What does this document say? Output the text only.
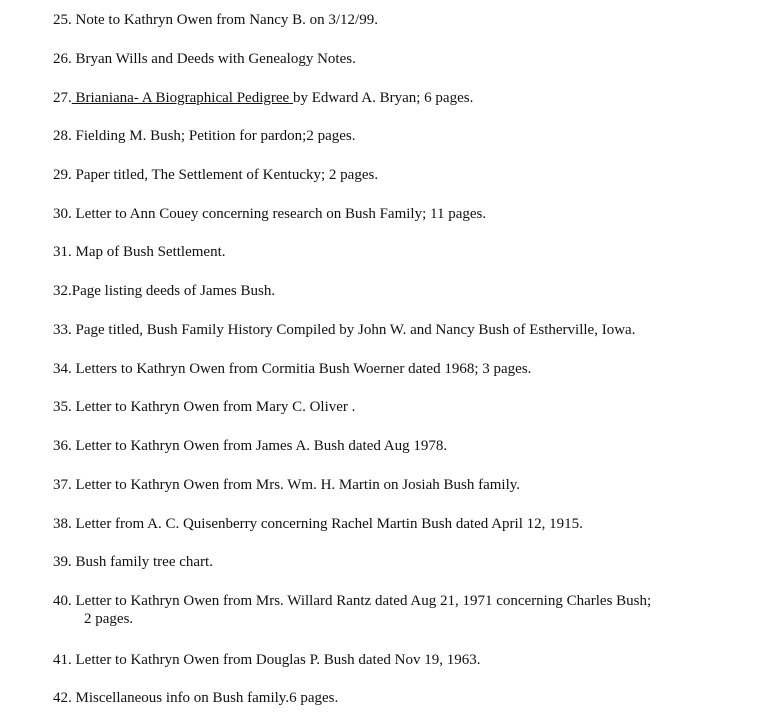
25. Note to Kathryn Owen from Nancy B. on 3/12/99.
26. Bryan Wills and Deeds with Genealogy Notes.
27. Brianiana- A Biographical Pedigree by Edward A. Bryan; 6 pages.
28. Fielding M. Bush; Petition for pardon;2 pages.
29. Paper titled, The Settlement of Kentucky; 2 pages.
30. Letter to Ann Couey concerning research on Bush Family; 11 pages.
31. Map of Bush Settlement.
32.Page listing deeds of James Bush.
33. Page titled, Bush Family History Compiled by John W. and Nancy Bush of Estherville, Iowa.
34. Letters to Kathryn Owen from Cormitia Bush Woerner dated 1968; 3 pages.
35. Letter to Kathryn Owen from Mary C. Oliver .
36. Letter to Kathryn Owen from James A. Bush dated Aug 1978.
37. Letter to Kathryn Owen from Mrs. Wm. H. Martin on Josiah Bush family.
38. Letter from A. C. Quisenberry concerning Rachel Martin Bush dated April 12, 1915.
39. Bush family tree chart.
40. Letter to Kathryn Owen from Mrs. Willard Rantz dated Aug 21, 1971 concerning Charles Bush;
2 pages.
41. Letter to Kathryn Owen from Douglas P. Bush dated Nov 19, 1963.
42. Miscellaneous info on Bush family.6 pages.
